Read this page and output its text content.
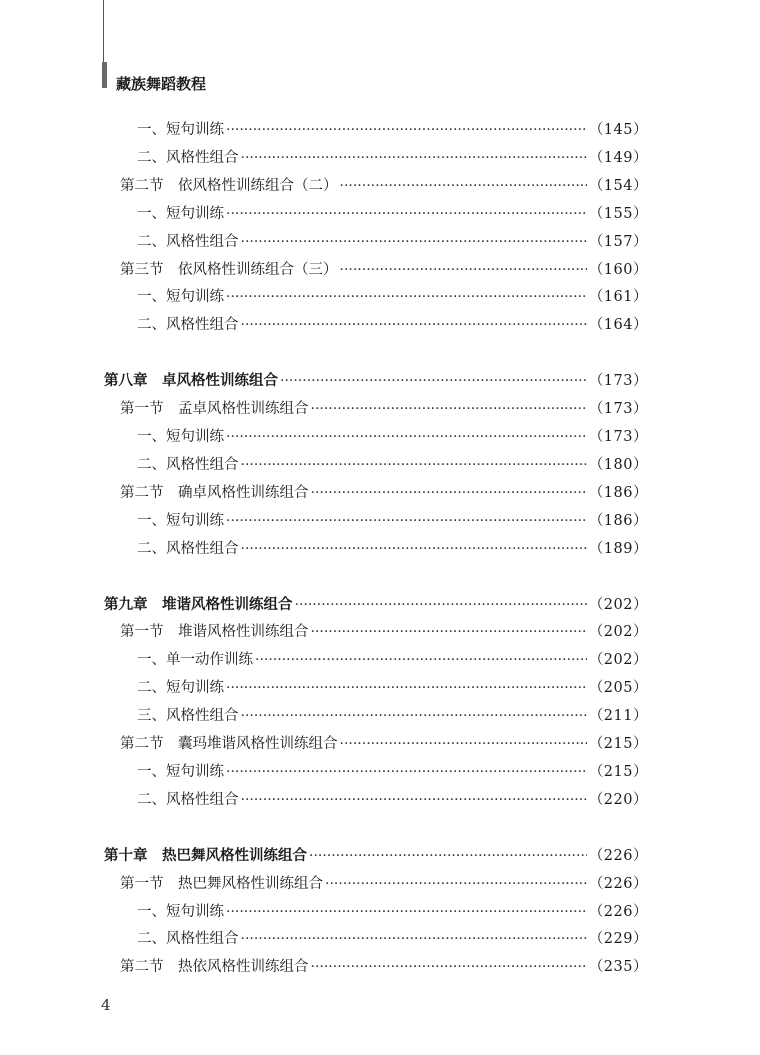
藏族舞蹈教程
一、短句训练 ·····	（145）
二、风格性组合 ·····	（149）
第二节　依风格性训练组合（二） ·····	（154）
一、短句训练 ·····	（155）
二、风格性组合 ·····	（157）
第三节　依风格性训练组合（三） ·····	（160）
一、短句训练 ·····	（161）
二、风格性组合 ·····	（164）
第八章　卓风格性训练组合 ·····	（173）
第一节　孟卓风格性训练组合 ·····	（173）
一、短句训练 ·····	（173）
二、风格性组合 ·····	（180）
第二节　确卓风格性训练组合 ·····	（186）
一、短句训练 ·····	（186）
二、风格性组合 ·····	（189）
第九章　堆谐风格性训练组合 ·····	（202）
第一节　堆谐风格性训练组合 ·····	（202）
一、单一动作训练 ·····	（202）
二、短句训练 ·····	（205）
三、风格性组合 ·····	（211）
第二节　囊玛堆谐风格性训练组合 ·····	（215）
一、短句训练 ·····	（215）
二、风格性组合 ·····	（220）
第十章　热巴舞风格性训练组合 ·····	（226）
第一节　热巴舞风格性训练组合 ·····	（226）
一、短句训练 ·····	（226）
二、风格性组合 ·····	（229）
第二节　热依风格性训练组合 ·····	（235）
4
